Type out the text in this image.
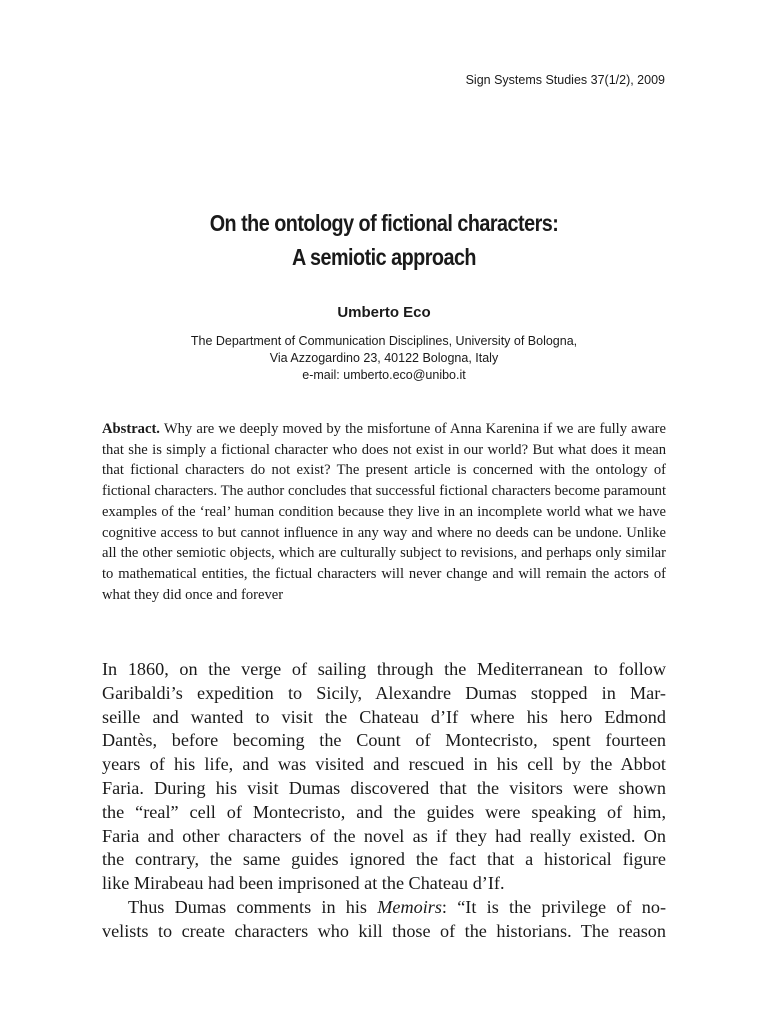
Sign Systems Studies 37(1/2), 2009
On the ontology of fictional characters:
A semiotic approach
Umberto Eco
The Department of Communication Disciplines, University of Bologna,
Via Azzogardino 23, 40122 Bologna, Italy
e-mail: umberto.eco@unibo.it
Abstract. Why are we deeply moved by the misfortune of Anna Karenina if we are fully aware that she is simply a fictional character who does not exist in our world? But what does it mean that fictional characters do not exist? The present article is concerned with the ontology of fictional characters. The author concludes that successful fictional characters become paramount examples of the ‘real’ human condition because they live in an incomplete world what we have cognitive access to but cannot influence in any way and where no deeds can be undone. Unlike all the other semiotic objects, which are culturally subject to revisions, and perhaps only similar to mathematical entities, the fictual characters will never change and will remain the actors of what they did once and forever

In 1860, on the verge of sailing through the Mediterranean to follow
Garibaldi’s expedition to Sicily, Alexandre Dumas stopped in Mar-
seille and wanted to visit the Chateau d’If where his hero Edmond
Dantès, before becoming the Count of Montecristo, spent fourteen
years of his life, and was visited and rescued in his cell by the Abbot
Faria. During his visit Dumas discovered that the visitors were shown
the “real” cell of Montecristo, and the guides were speaking of him,
Faria and other characters of the novel as if they had really existed. On
the contrary, the same guides ignored the fact that a historical figure
like Mirabeau had been imprisoned at the Chateau d’If.

Thus Dumas comments in his Memoirs: “It is the privilege of no-
velists to create characters who kill those of the historians. The reason
